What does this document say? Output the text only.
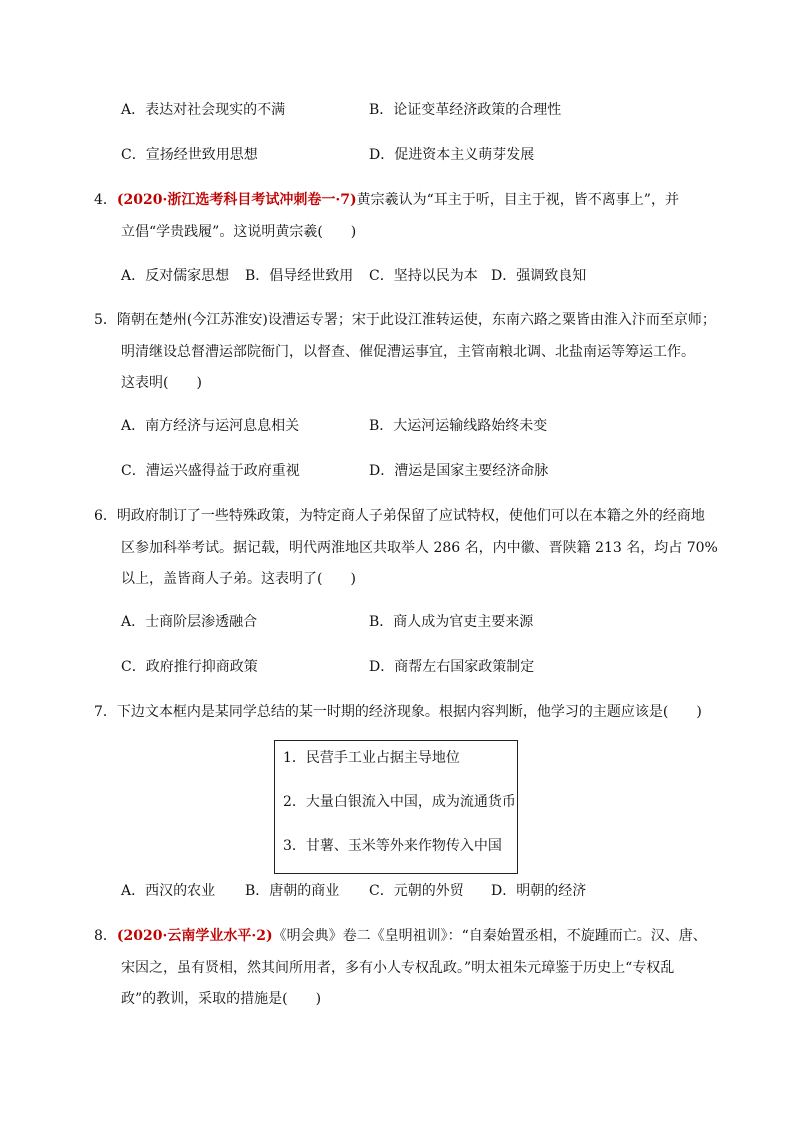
A．表达对社会现实的不满	B．论证变革经济政策的合理性
C．宣扬经世致用思想	D．促进资本主义萌芽发展
4．(2020·浙江选考科目考试冲刺卷一·7)黄宗羲认为“耳主于听，目主于视，皆不离事上”，并
立倡“学贵践履”。这说明黄宗羲(　　)
A．反对儒家思想 B．倡导经世致用 C．坚持以民为本 D．强调致良知
5．隋朝在楚州(今江苏淮安)设漕运专署；宋于此设江淮转运使，东南六路之粟皆由淮入汴而至京师；
明清继设总督漕运部院衙门，以督查、催促漕运事宜，主管南粮北调、北盐南运等筹运工作。
这表明(　　)
A．南方经济与运河息息相关	B．大运河运输线路始终未变
C．漕运兴盛得益于政府重视	D．漕运是国家主要经济命脉
6．明政府制订了一些特殊政策，为特定商人子弟保留了应试特权，使他们可以在本籍之外的经商地
区参加科举考试。据记载，明代两淮地区共取举人 286 名，内中徽、晋陕籍 213 名，均占 70%
以上，盖皆商人子弟。这表明了(　　)
A．士商阶层渗透融合	B．商人成为官吏主要来源
C．政府推行抑商政策	D．商帮左右国家政策制定
7．下边文本框内是某同学总结的某一时期的经济现象。根据内容判断，他学习的主题应该是(　　)
1．民营手工业占据主导地位
2．大量白银流入中国，成为流通货币
3．甘薯、玉米等外来作物传入中国
A．西汉的农业 B．唐朝的商业 C．元朝的外贸 D．明朝的经济
8．(2020·云南学业水平·2)《明会典》卷二《皇明祖训》：“自秦始置丞相，不旋踵而亡。汉、唐、
宋因之，虽有贤相，然其间所用者，多有小人专权乱政。”明太祖朱元璋鉴于历史上“专权乱
政”的教训，采取的措施是(　　)
